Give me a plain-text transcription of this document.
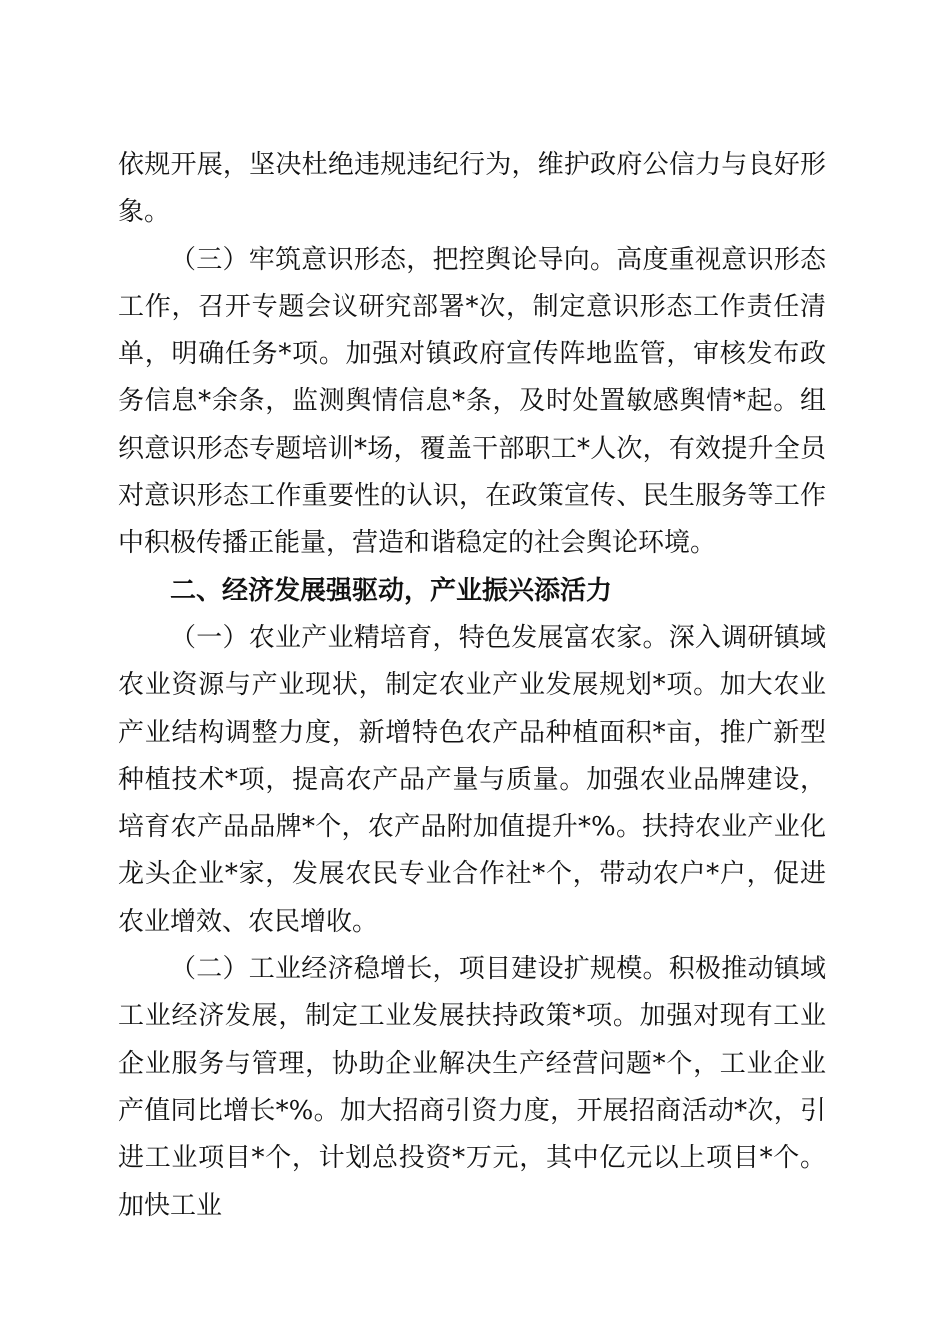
依规开展，坚决杜绝违规违纪行为，维护政府公信力与良好形象。

（三）牢筑意识形态，把控舆论导向。高度重视意识形态工作，召开专题会议研究部署*次，制定意识形态工作责任清单，明确任务*项。加强对镇政府宣传阵地监管，审核发布政务信息*余条，监测舆情信息*条，及时处置敏感舆情*起。组织意识形态专题培训*场，覆盖干部职工*人次，有效提升全员对意识形态工作重要性的认识，在政策宣传、民生服务等工作中积极传播正能量，营造和谐稳定的社会舆论环境。

二、经济发展强驱动，产业振兴添活力

（一）农业产业精培育，特色发展富农家。深入调研镇域农业资源与产业现状，制定农业产业发展规划*项。加大农业产业结构调整力度，新增特色农产品种植面积*亩，推广新型种植技术*项，提高农产品产量与质量。加强农业品牌建设，培育农产品品牌*个，农产品附加值提升*%。扶持农业产业化龙头企业*家，发展农民专业合作社*个，带动农户*户，促进农业增效、农民增收。

（二）工业经济稳增长，项目建设扩规模。积极推动镇域工业经济发展，制定工业发展扶持政策*项。加强对现有工业企业服务与管理，协助企业解决生产经营问题*个，工业企业产值同比增长*%。加大招商引资力度，开展招商活动*次，引进工业项目*个，计划总投资*万元，其中亿元以上项目*个。加快工业
